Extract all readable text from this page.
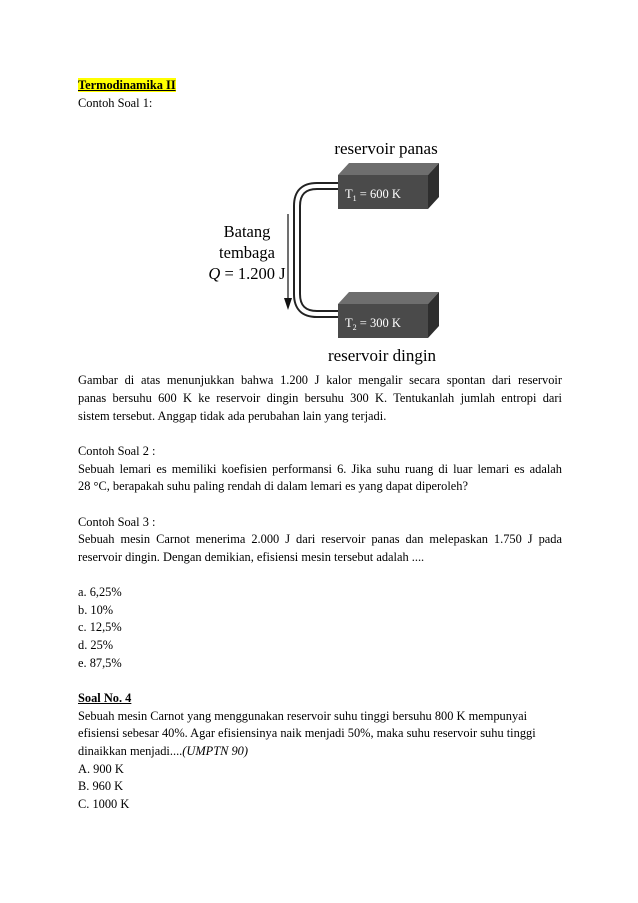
Termodinamika II
Contoh Soal 1:
reservoir panas
$T_1 = 600$ K
Batang
tembaga
Q = 1.200 J
$T_2 = 300$ K
reservoir dingin
Gambar di atas menunjukkan bahwa 1.200 J kalor mengalir secara spontan dari reservoir
panas bersuhu 600 K ke reservoir dingin bersuhu 300 K. Tentukanlah jumlah entropi dari
sistem tersebut. Anggap tidak ada perubahan lain yang terjadi.
Contoh Soal 2 :
Sebuah lemari es memiliki koefisien performansi 6. Jika suhu ruang di luar lemari es adalah
28 °C, berapakah suhu paling rendah di dalam lemari es yang dapat diperoleh?
Contoh Soal 3 :
Sebuah mesin Carnot menerima 2.000 J dari reservoir panas dan melepaskan 1.750 J pada
reservoir dingin. Dengan demikian, efisiensi mesin tersebut adalah ....
a. 6,25%
b. 10%
c. 12,5%
d. 25%
e. 87,5%
Soal No. 4
Sebuah mesin Carnot yang menggunakan reservoir suhu tinggi bersuhu 800 K mempunyai
efisiensi sebesar 40%. Agar efisiensinya naik menjadi 50%, maka suhu reservoir suhu tinggi
dinaikkan menjadi....(UMPTN 90)
A. 900 K
B. 960 K
C. 1000 K
